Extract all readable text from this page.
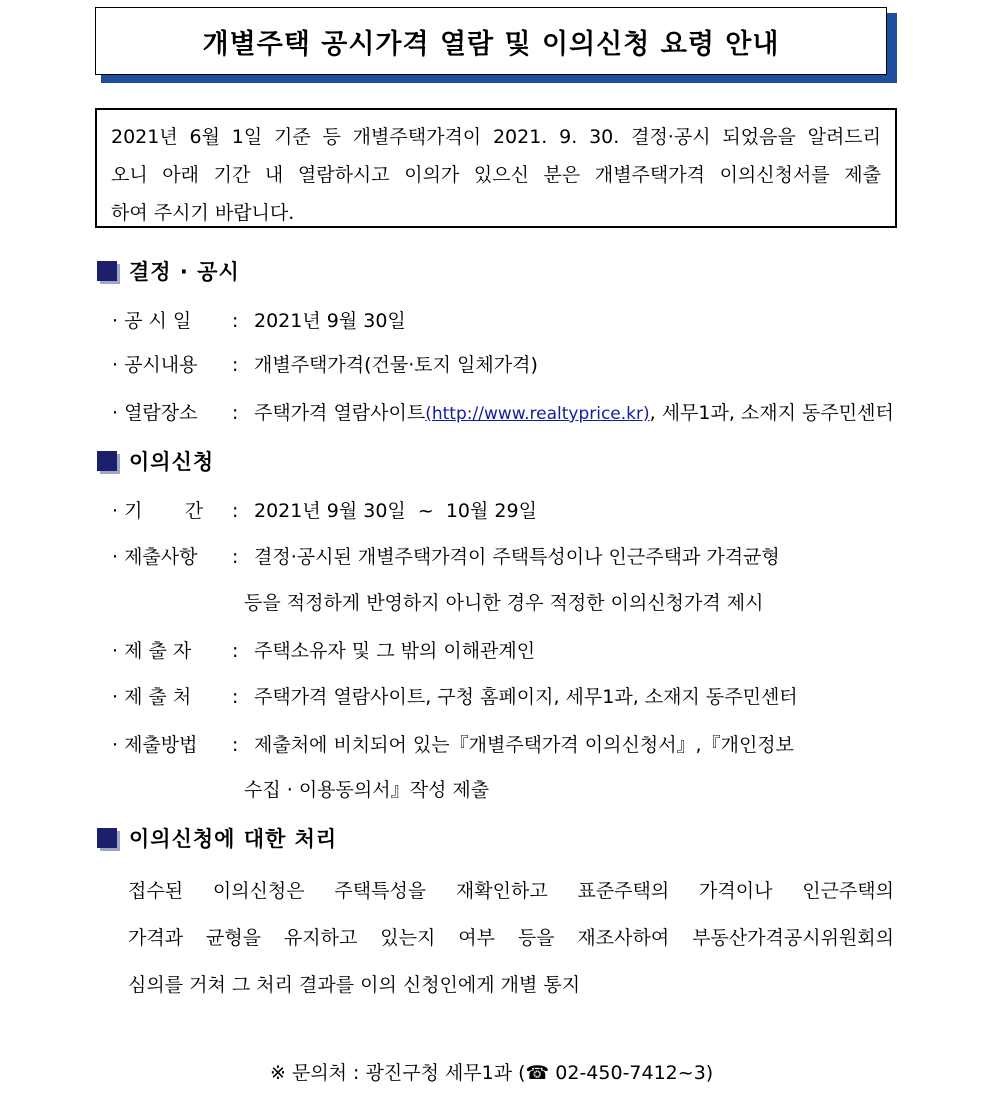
개별주택 공시가격 열람 및 이의신청 요령 안내
2021년 6월 1일 기준 등 개별주택가격이 2021. 9. 30. 결정·공시 되었음을 알려드리
오니 아래 기간 내 열람하시고 이의가 있으신 분은 개별주택가격 이의신청서를 제출
하여 주시기 바랍니다.
결정 · 공시
· 공 시 일 : 2021년 9월 30일
· 공시내용 : 개별주택가격(건물·토지 일체가격)
· 열람장소 : 주택가격 열람사이트(http://www.realtyprice.kr), 세무1과, 소재지 동주민센터
이의신청
· 기       간 : 2021년 9월 30일  ~  10월 29일
· 제출사항 : 결정·공시된 개별주택가격이 주택특성이나 인근주택과 가격균형
등을 적정하게 반영하지 아니한 경우 적정한 이의신청가격 제시
· 제 출 자 : 주택소유자 및 그 밖의 이해관계인
· 제 출 처 : 주택가격 열람사이트, 구청 홈페이지, 세무1과, 소재지 동주민센터
· 제출방법 : 제출처에 비치되어 있는『개별주택가격 이의신청서』,『개인정보
수집 · 이용동의서』작성 제출
이의신청에 대한 처리
접수된 이의신청은 주택특성을 재확인하고 표준주택의 가격이나 인근주택의
가격과 균형을 유지하고 있는지 여부 등을 재조사하여 부동산가격공시위원회의
심의를 거쳐 그 처리 결과를 이의 신청인에게 개별 통지
※ 문의처 : 광진구청 세무1과 (☎ 02-450-7412~3)
